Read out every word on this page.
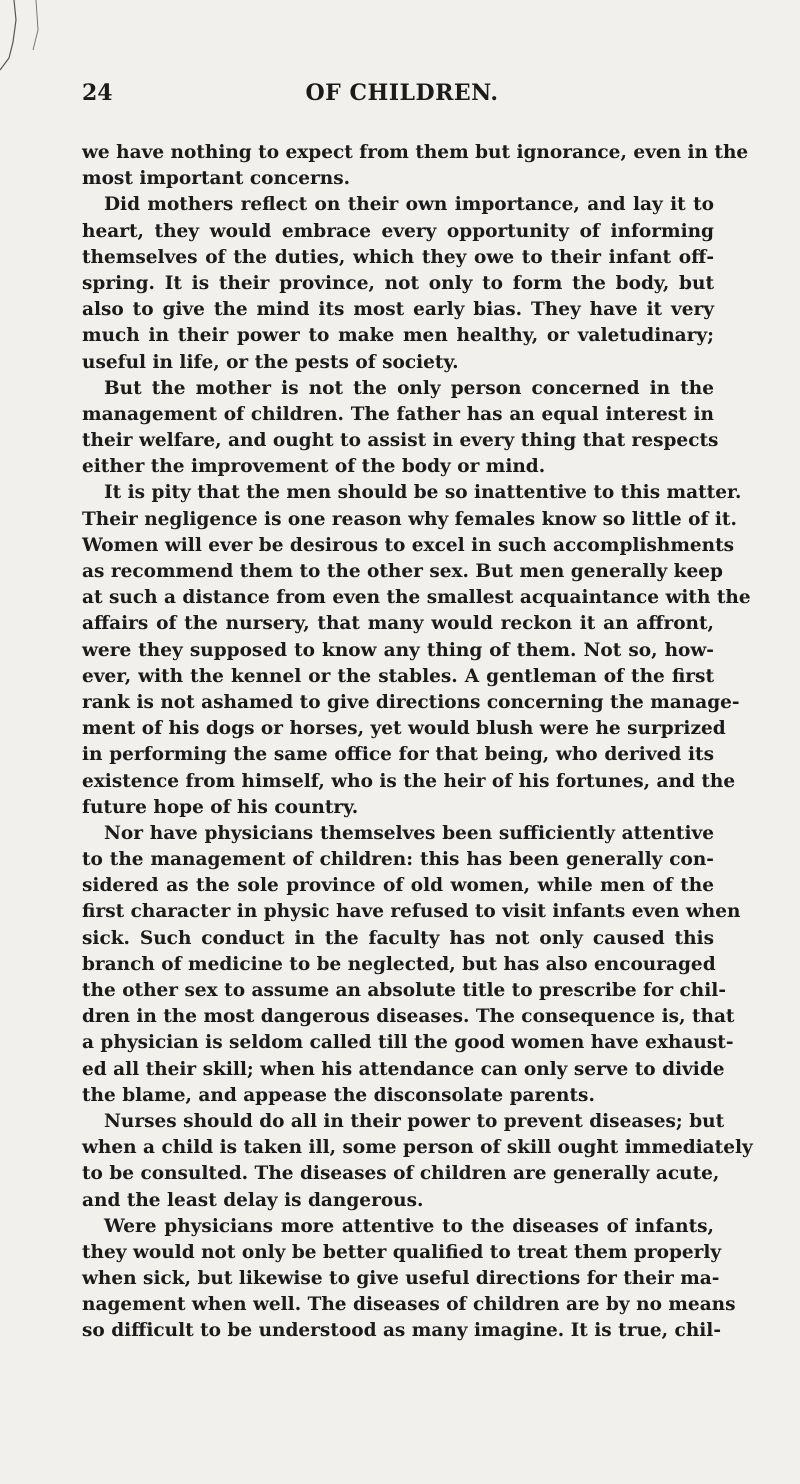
24	OF CHILDREN.
we have nothing to expect from them but ignorance, even in the
most important concerns.
Did mothers reflect on their own importance, and lay it to
heart, they would embrace every opportunity of informing
themselves of the duties, which they owe to their infant off-
spring. It is their province, not only to form the body, but
also to give the mind its most early bias. They have it very
much in their power to make men healthy, or valetudinary;
useful in life, or the pests of society.
But the mother is not the only person concerned in the
management of children. The father has an equal interest in
their welfare, and ought to assist in every thing that respects
either the improvement of the body or mind.
It is pity that the men should be so inattentive to this matter.
Their negligence is one reason why females know so little of it.
Women will ever be desirous to excel in such accomplishments
as recommend them to the other sex. But men generally keep
at such a distance from even the smallest acquaintance with the
affairs of the nursery, that many would reckon it an affront,
were they supposed to know any thing of them. Not so, how-
ever, with the kennel or the stables. A gentleman of the first
rank is not ashamed to give directions concerning the manage-
ment of his dogs or horses, yet would blush were he surprized
in performing the same office for that being, who derived its
existence from himself, who is the heir of his fortunes, and the
future hope of his country.
Nor have physicians themselves been sufficiently attentive
to the management of children: this has been generally con-
sidered as the sole province of old women, while men of the
first character in physic have refused to visit infants even when
sick. Such conduct in the faculty has not only caused this
branch of medicine to be neglected, but has also encouraged
the other sex to assume an absolute title to prescribe for chil-
dren in the most dangerous diseases. The consequence is, that
a physician is seldom called till the good women have exhaust-
ed all their skill; when his attendance can only serve to divide
the blame, and appease the disconsolate parents.
Nurses should do all in their power to prevent diseases; but
when a child is taken ill, some person of skill ought immediately
to be consulted. The diseases of children are generally acute,
and the least delay is dangerous.
Were physicians more attentive to the diseases of infants,
they would not only be better qualified to treat them properly
when sick, but likewise to give useful directions for their ma-
nagement when well. The diseases of children are by no means
so difficult to be understood as many imagine. It is true, chil-
